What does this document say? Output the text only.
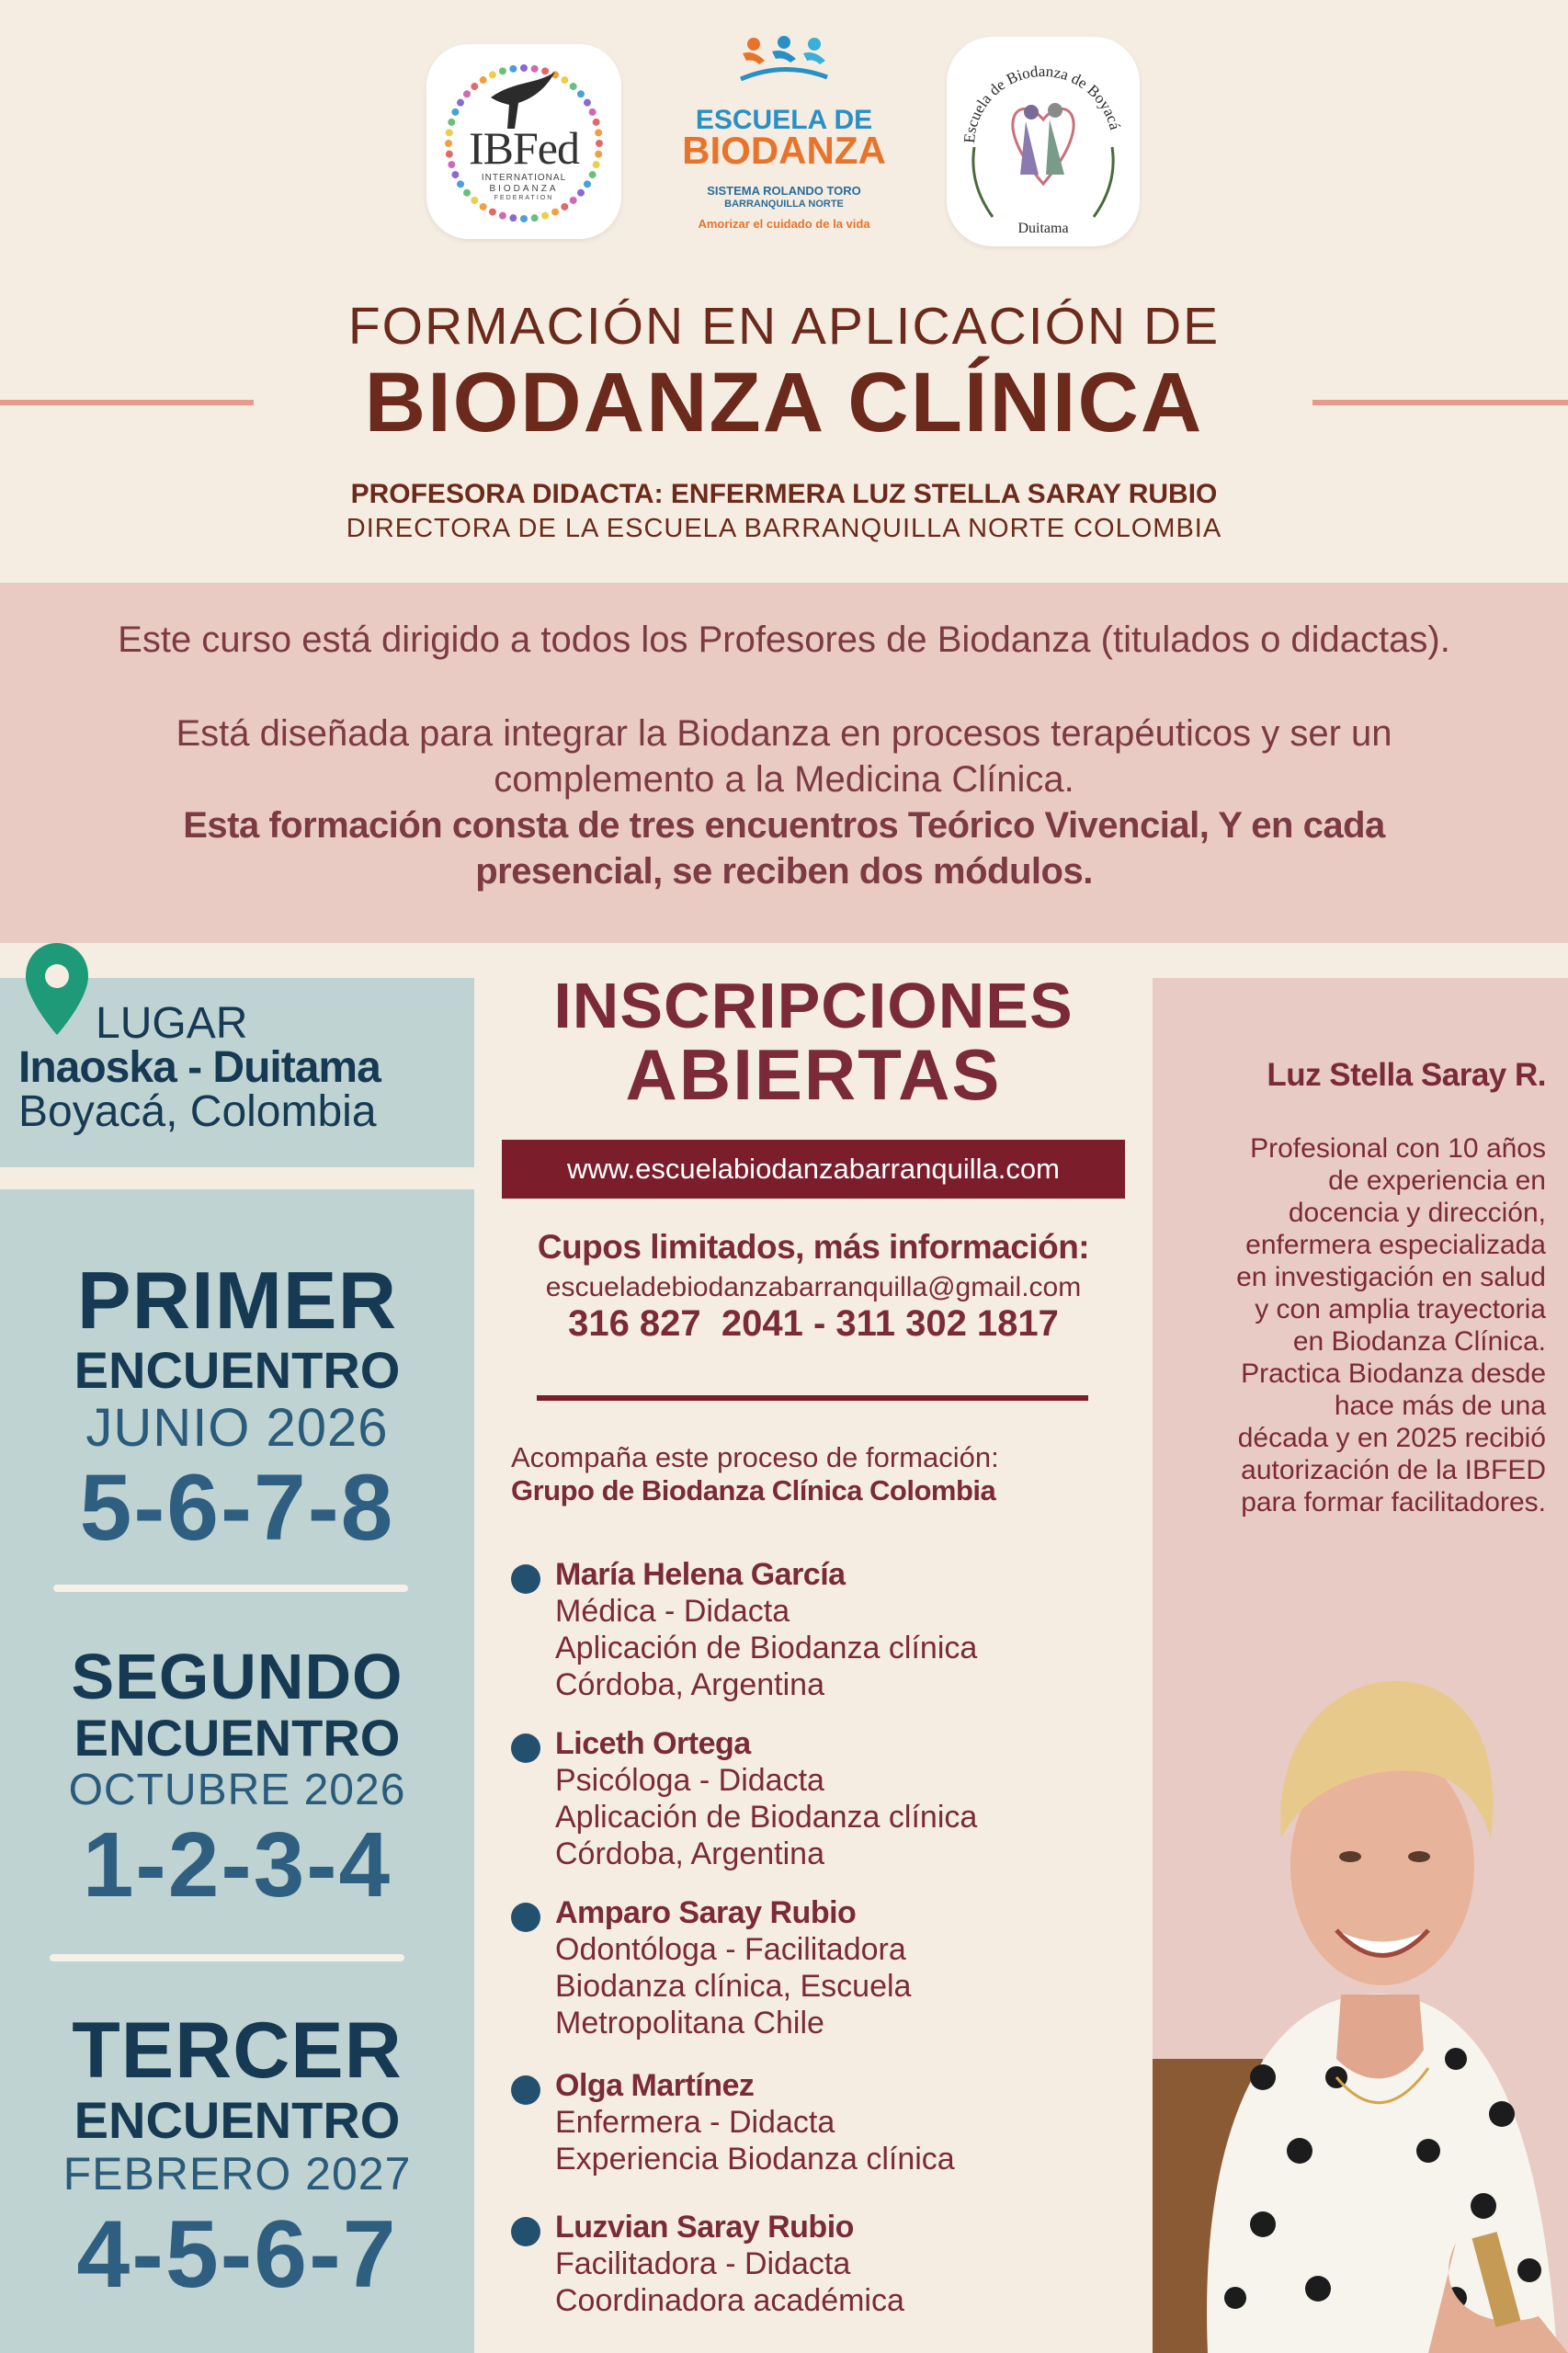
IBFed
INTERNATIONAL
BIODANZA
FEDERATION
ESCUELA DE
BIODANZA
SISTEMA ROLANDO TORO
BARRANQUILLA NORTE
Amorizar el cuidado de la vida
Escuela de Biodanza de Boyacá
Duitama
FORMACIÓN EN APLICACIÓN DE
BIODANZA CLÍNICA
PROFESORA DIDACTA: ENFERMERA LUZ STELLA SARAY RUBIO
DIRECTORA DE LA ESCUELA BARRANQUILLA NORTE COLOMBIA

Este curso está dirigido a todos los Profesores de Biodanza (titulados o didactas).

Está diseñada para integrar la Biodanza en procesos terapéuticos y ser un

complemento a la Medicina Clínica.

Esta formación consta de tres encuentros Teórico Vivencial, Y en cada

presencial, se reciben dos módulos.

LUGAR
Inaoska - Duitama
Boyacá, Colombia
PRIMER
ENCUENTRO
JUNIO 2026
5-6-7-8
SEGUNDO
ENCUENTRO
OCTUBRE 2026
1-2-3-4
TERCER
ENCUENTRO
FEBRERO 2027
4-5-6-7
INSCRIPCIONES
ABIERTAS
www.escuelabiodanzabarranquilla.com
Cupos limitados, más información:
escueladebiodanzabarranquilla@gmail.com
316 827  2041 - 311 302 1817
Acompaña este proceso de formación:
Grupo de Biodanza Clínica Colombia
María Helena García
Médica - Didacta
Aplicación de Biodanza clínica
Córdoba, Argentina
Liceth Ortega
Psicóloga - Didacta
Aplicación de Biodanza clínica
Córdoba, Argentina
Amparo Saray Rubio
Odontóloga - Facilitadora
Biodanza clínica, Escuela
Metropolitana Chile
Olga Martínez
Enfermera - Didacta
Experiencia Biodanza clínica
Luzvian Saray Rubio
Facilitadora - Didacta
Coordinadora académica
Luz Stella Saray R.
Profesional con 10 años
de experiencia en
docencia y dirección,
enfermera especializada
en investigación en salud
y con amplia trayectoria
en Biodanza Clínica.
Practica Biodanza desde
hace más de una
década y en 2025 recibió
autorización de la IBFED
para formar facilitadores.
